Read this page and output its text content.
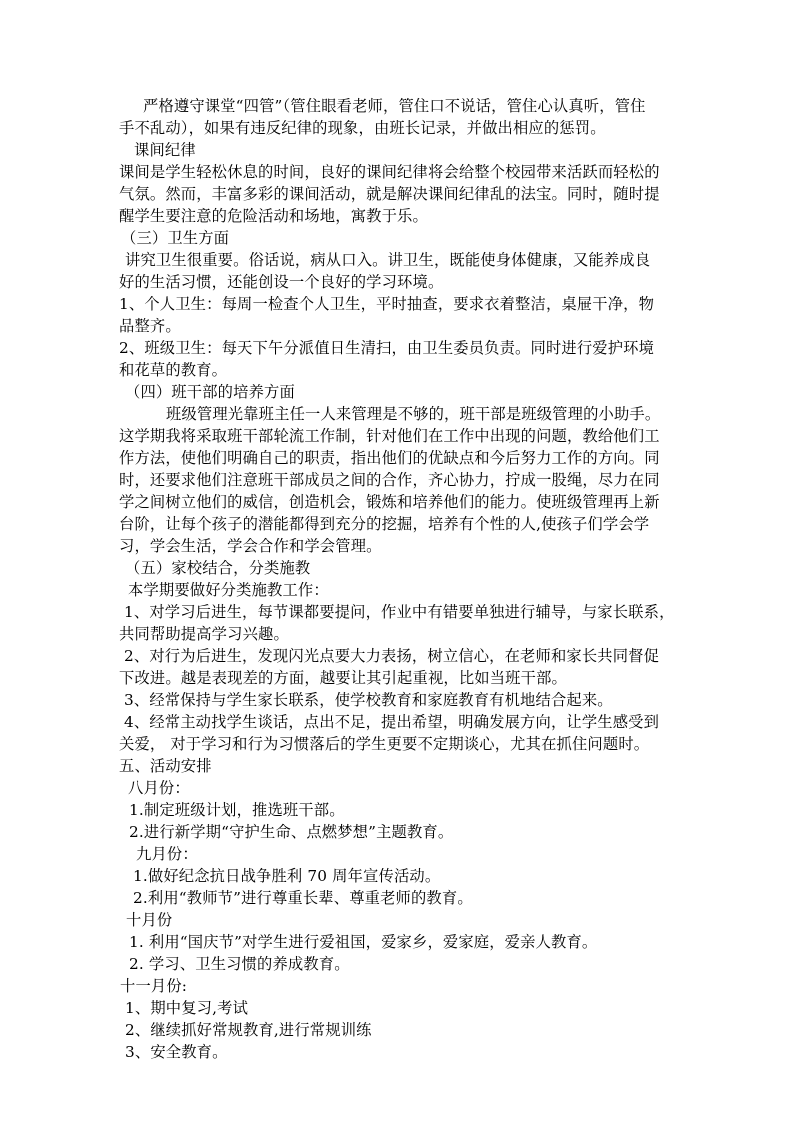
严格遵守课堂“四管”（管住眼看老师，管住口不说话，管住心认真听，管住
手不乱动），如果有违反纪律的现象，由班长记录，并做出相应的惩罚。
课间纪律
课间是学生轻松休息的时间，良好的课间纪律将会给整个校园带来活跃而轻松的
气氛。然而，丰富多彩的课间活动，就是解决课间纪律乱的法宝。同时，随时提
醒学生要注意的危险活动和场地，寓教于乐。
（三）卫生方面
讲究卫生很重要。俗话说，病从口入。讲卫生，既能使身体健康，又能养成良
好的生活习惯，还能创设一个良好的学习环境。
1、个人卫生：每周一检查个人卫生，平时抽查，要求衣着整洁，桌屉干净，物
品整齐。
2、班级卫生：每天下午分派值日生清扫，由卫生委员负责。同时进行爱护环境
和花草的教育。
（四）班干部的培养方面
班级管理光靠班主任一人来管理是不够的，班干部是班级管理的小助手。
这学期我将采取班干部轮流工作制，针对他们在工作中出现的问题，教给他们工
作方法，使他们明确自己的职责，指出他们的优缺点和今后努力工作的方向。同
时，还要求他们注意班干部成员之间的合作，齐心协力，拧成一股绳，尽力在同
学之间树立他们的威信，创造机会，锻炼和培养他们的能力。使班级管理再上新
台阶，让每个孩子的潜能都得到充分的挖掘，培养有个性的人,使孩子们学会学
习，学会生活，学会合作和学会管理。
（五）家校结合，分类施教
本学期要做好分类施教工作：
1、对学习后进生，每节课都要提问，作业中有错要单独进行辅导，与家长联系，
共同帮助提高学习兴趣。
2、对行为后进生，发现闪光点要大力表扬，树立信心，在老师和家长共同督促
下改进。越是表现差的方面，越要让其引起重视，比如当班干部。
3、经常保持与学生家长联系，使学校教育和家庭教育有机地结合起来。
4、经常主动找学生谈话，点出不足，提出希望，明确发展方向，让学生感受到
关爱， 对于学习和行为习惯落后的学生更要不定期谈心，尤其在抓住问题时。
五、活动安排
八月份：
1.制定班级计划，推选班干部。
2.进行新学期“守护生命、点燃梦想”主题教育。
九月份：
1.做好纪念抗日战争胜利 70 周年宣传活动。
2.利用“教师节”进行尊重长辈、尊重老师的教育。
十月份
1. 利用“国庆节”对学生进行爱祖国，爱家乡，爱家庭，爱亲人教育。
2. 学习、卫生习惯的养成教育。
十一月份:
1、期中复习,考试
2、继续抓好常规教育,进行常规训练
3、安全教育。
